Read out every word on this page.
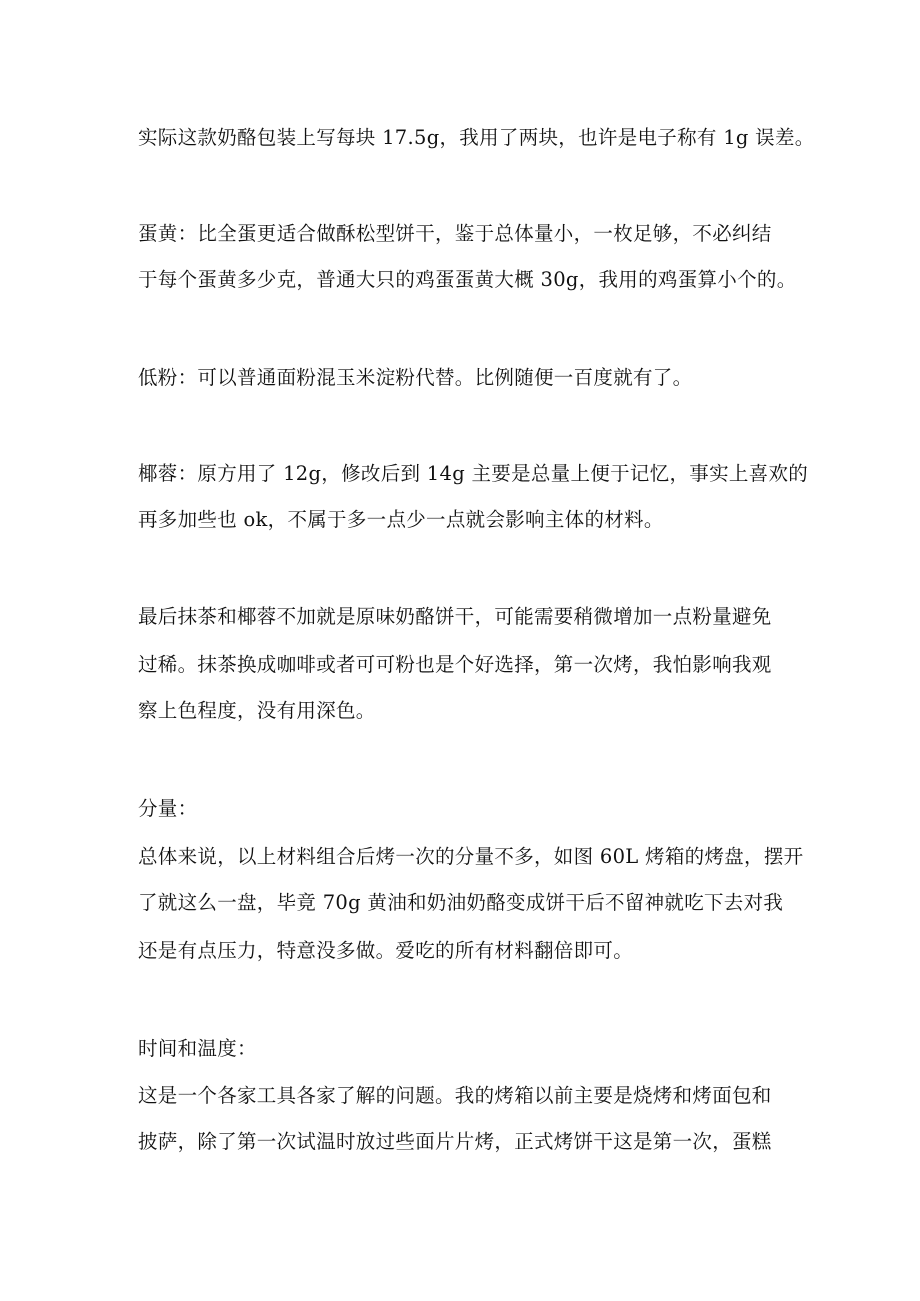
实际这款奶酪包装上写每块 17.5g，我用了两块，也许是电子称有 1g 误差。
蛋黄：比全蛋更适合做酥松型饼干，鉴于总体量小，一枚足够，不必纠结
于每个蛋黄多少克，普通大只的鸡蛋蛋黄大概 30g，我用的鸡蛋算小个的。
低粉：可以普通面粉混玉米淀粉代替。比例随便一百度就有了。
椰蓉：原方用了 12g，修改后到 14g 主要是总量上便于记忆，事实上喜欢的
再多加些也 ok，不属于多一点少一点就会影响主体的材料。
最后抹茶和椰蓉不加就是原味奶酪饼干，可能需要稍微增加一点粉量避免
过稀。抹茶换成咖啡或者可可粉也是个好选择，第一次烤，我怕影响我观
察上色程度，没有用深色。
分量：
总体来说，以上材料组合后烤一次的分量不多，如图 60L 烤箱的烤盘，摆开
了就这么一盘，毕竟 70g 黄油和奶油奶酪变成饼干后不留神就吃下去对我
还是有点压力，特意没多做。爱吃的所有材料翻倍即可。
时间和温度：
这是一个各家工具各家了解的问题。我的烤箱以前主要是烧烤和烤面包和
披萨，除了第一次试温时放过些面片片烤，正式烤饼干这是第一次，蛋糕
